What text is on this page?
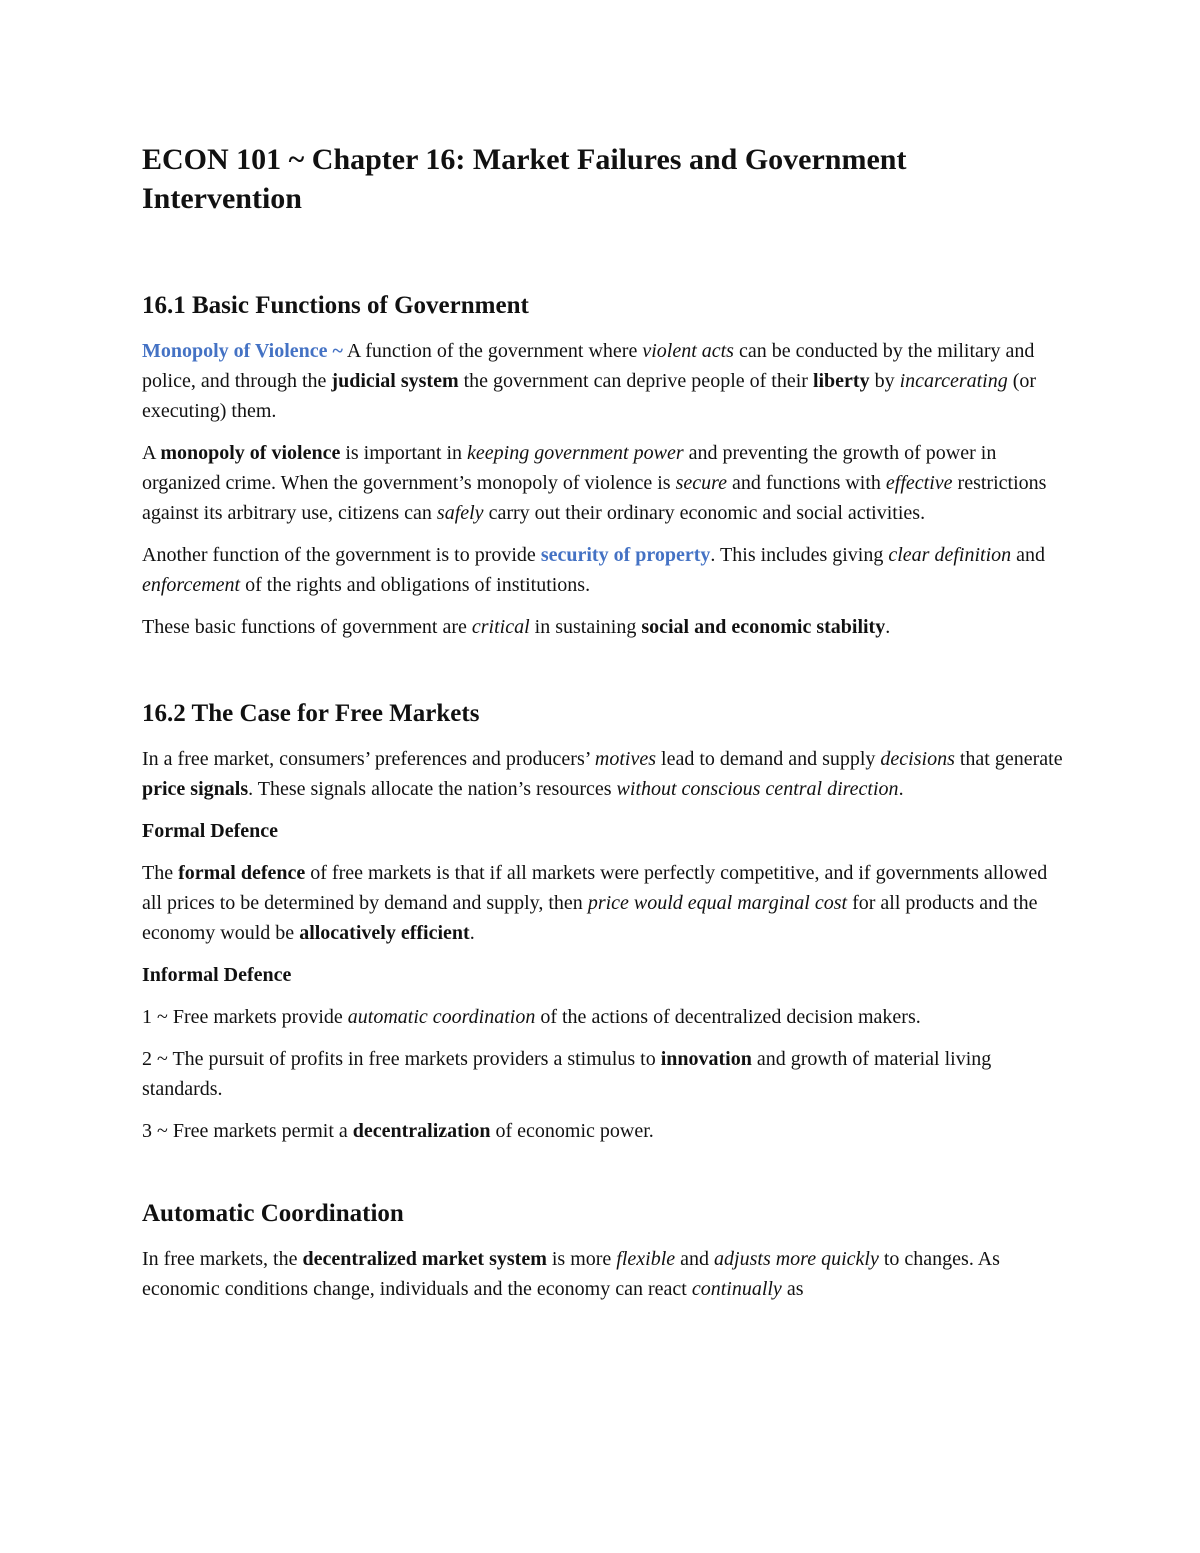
ECON 101 ~ Chapter 16: Market Failures and Government Intervention
16.1 Basic Functions of Government

Monopoly of Violence ~ A function of the government where violent acts can be conducted by the military and police, and through the judicial system the government can deprive people of their liberty by incarcerating (or executing) them.

A monopoly of violence is important in keeping government power and preventing the growth of power in organized crime. When the government’s monopoly of violence is secure and functions with effective restrictions against its arbitrary use, citizens can safely carry out their ordinary economic and social activities.

Another function of the government is to provide security of property. This includes giving clear definition and enforcement of the rights and obligations of institutions.

These basic functions of government are critical in sustaining social and economic stability.

16.2 The Case for Free Markets

In a free market, consumers’ preferences and producers’ motives lead to demand and supply decisions that generate price signals. These signals allocate the nation’s resources without conscious central direction.

Formal Defence

The formal defence of free markets is that if all markets were perfectly competitive, and if governments allowed all prices to be determined by demand and supply, then price would equal marginal cost for all products and the economy would be allocatively efficient.

Informal Defence

1 ~ Free markets provide automatic coordination of the actions of decentralized decision makers.

2 ~ The pursuit of profits in free markets providers a stimulus to innovation and growth of material living standards.

3 ~ Free markets permit a decentralization of economic power.

Automatic Coordination

In free markets, the decentralized market system is more flexible and adjusts more quickly to changes. As economic conditions change, individuals and the economy can react continually as
